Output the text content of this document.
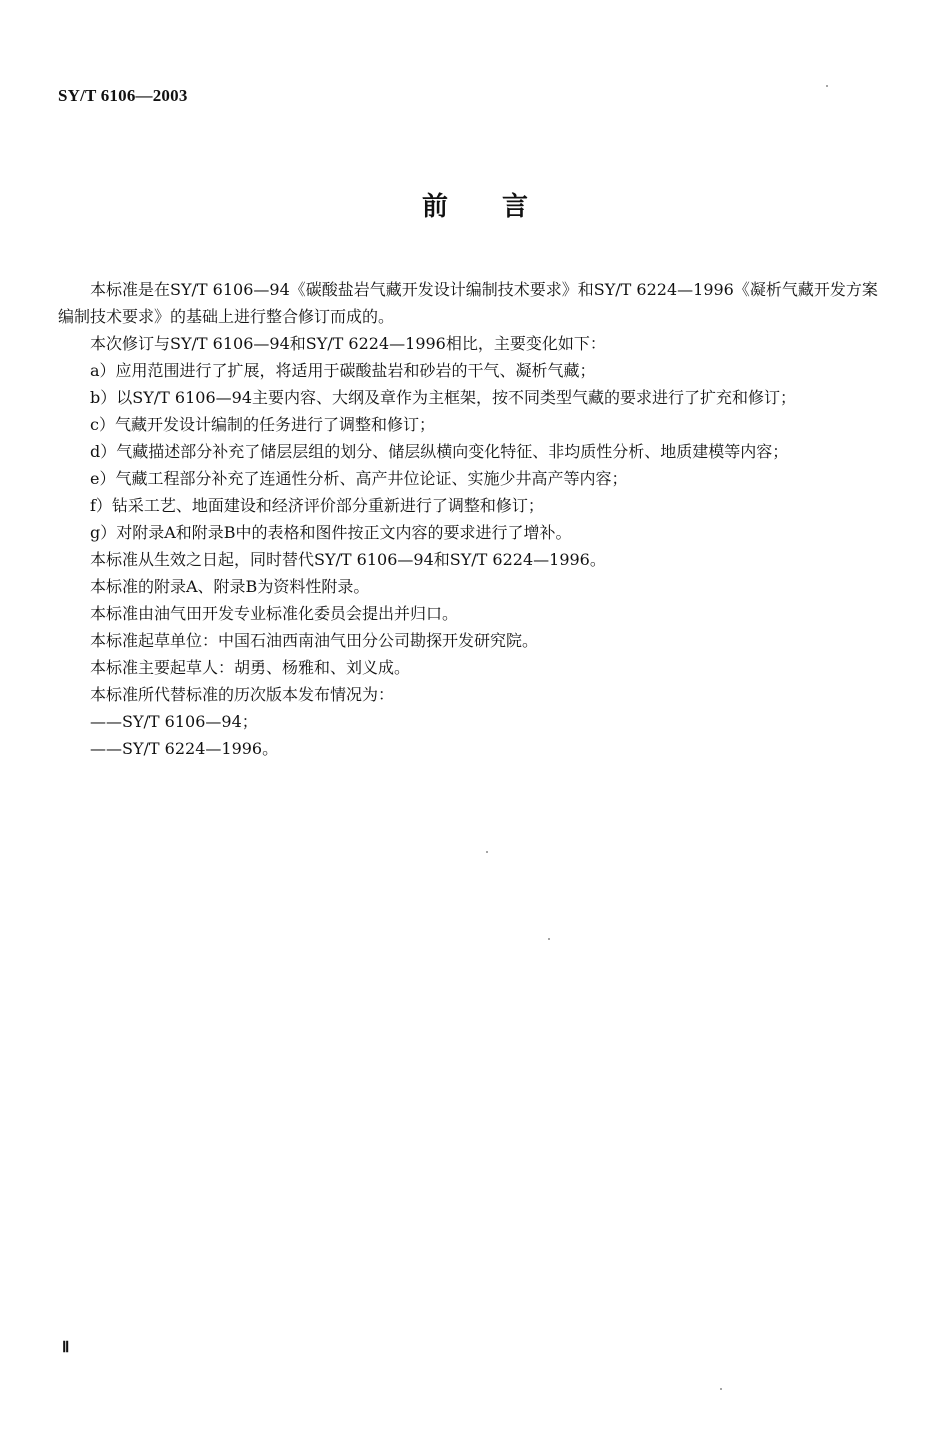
SY/T 6106—2003
前言

本标准是在SY/T 6106—94《碳酸盐岩气藏开发设计编制技术要求》和SY/T 6224—1996《凝析气藏开发方案编制技术要求》的基础上进行整合修订而成的。

本次修订与SY/T 6106—94和SY/T 6224—1996相比，主要变化如下：

a）应用范围进行了扩展，将适用于碳酸盐岩和砂岩的干气、凝析气藏；

b）以SY/T 6106—94主要内容、大纲及章作为主框架，按不同类型气藏的要求进行了扩充和修订；

c）气藏开发设计编制的任务进行了调整和修订；

d）气藏描述部分补充了储层层组的划分、储层纵横向变化特征、非均质性分析、地质建模等内容；

e）气藏工程部分补充了连通性分析、高产井位论证、实施少井高产等内容；

f）钻采工艺、地面建设和经济评价部分重新进行了调整和修订；

g）对附录A和附录B中的表格和图件按正文内容的要求进行了增补。

本标准从生效之日起，同时替代SY/T 6106—94和SY/T 6224—1996。

本标准的附录A、附录B为资料性附录。

本标准由油气田开发专业标准化委员会提出并归口。

本标准起草单位：中国石油西南油气田分公司勘探开发研究院。

本标准主要起草人：胡勇、杨雅和、刘义成。

本标准所代替标准的历次版本发布情况为：

——SY/T 6106—94；

——SY/T 6224—1996。

Ⅱ
